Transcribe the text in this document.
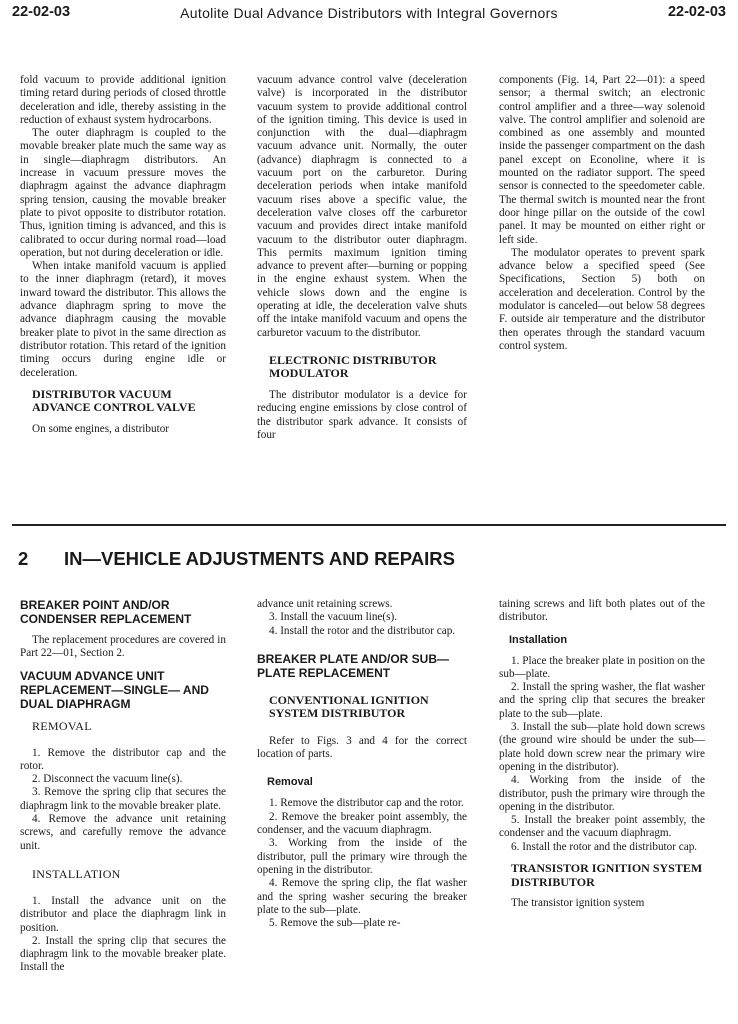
22-02-03	Autolite Dual Advance Distributors with Integral Governors	22-02-03

fold vacuum to provide additional ignition timing retard during periods of closed throttle deceleration and idle, thereby assisting in the reduction of exhaust system hydrocarbons.

The outer diaphragm is coupled to the movable breaker plate much the same way as in single—diaphragm distributors. An increase in vacuum pressure moves the diaphragm against the advance diaphragm spring tension, causing the movable breaker plate to pivot opposite to distributor rotation. Thus, ignition timing is advanced, and this is calibrated to occur during normal road—load operation, but not during deceleration or idle.

When intake manifold vacuum is applied to the inner diaphragm (retard), it moves inward toward the distributor. This allows the advance diaphragm spring to move the advance diaphragm causing the movable breaker plate to pivot in the same direction as distributor rotation. This retard of the ignition timing occurs during engine idle or deceleration.

DISTRIBUTOR VACUUM ADVANCE CONTROL VALVE

On some engines, a distributor

vacuum advance control valve (deceleration valve) is incorporated in the distributor vacuum system to provide additional control of the ignition timing. This device is used in conjunction with the dual—diaphragm vacuum advance unit. Normally, the outer (advance) diaphragm is connected to a vacuum port on the carburetor. During deceleration periods when intake manifold vacuum rises above a specific value, the deceleration valve closes off the carburetor vacuum and provides direct intake manifold vacuum to the distributor outer diaphragm. This permits maximum ignition timing advance to prevent after—burning or popping in the engine exhaust system. When the vehicle slows down and the engine is operating at idle, the deceleration valve shuts off the intake manifold vacuum and opens the carburetor vacuum to the distributor.

ELECTRONIC DISTRIBUTOR MODULATOR

The distributor modulator is a device for reducing engine emissions by close control of the distributor spark advance. It consists of four

components (Fig. 14, Part 22—01): a speed sensor; a thermal switch; an electronic control amplifier and a three—way solenoid valve. The control amplifier and solenoid are combined as one assembly and mounted inside the passenger compartment on the dash panel except on Econoline, where it is mounted on the radiator support. The speed sensor is connected to the speedometer cable. The thermal switch is mounted near the front door hinge pillar on the outside of the cowl panel. It may be mounted on either right or left side.

The modulator operates to prevent spark advance below a specified speed (See Specifications, Section 5) both on acceleration and deceleration. Control by the modulator is canceled—out below 58 degrees F. outside air temperature and the distributor then operates through the standard vacuum control system.

2 IN—VEHICLE ADJUSTMENTS AND REPAIRS
BREAKER POINT AND/OR CONDENSER REPLACEMENT

The replacement procedures are covered in Part 22—01, Section 2.

VACUUM ADVANCE UNIT REPLACEMENT—SINGLE— AND DUAL DIAPHRAGM
REMOVAL

1. Remove the distributor cap and the rotor.

2. Disconnect the vacuum line(s).

3. Remove the spring clip that secures the diaphragm link to the movable breaker plate.

4. Remove the advance unit retaining screws, and carefully remove the advance unit.

INSTALLATION

1. Install the advance unit on the distributor and place the diaphragm link in position.

2. Install the spring clip that secures the diaphragm link to the movable breaker plate. Install the

advance unit retaining screws.

3. Install the vacuum line(s).

4. Install the rotor and the distributor cap.

BREAKER PLATE AND/OR SUB—PLATE REPLACEMENT
CONVENTIONAL IGNITION SYSTEM DISTRIBUTOR

Refer to Figs. 3 and 4 for the correct location of parts.

Removal

1. Remove the distributor cap and the rotor.

2. Remove the breaker point assembly, the condenser, and the vacuum diaphragm.

3. Working from the inside of the distributor, pull the primary wire through the opening in the distributor.

4. Remove the spring clip, the flat washer and the spring washer securing the breaker plate to the sub—plate.

5. Remove the sub—plate re-

taining screws and lift both plates out of the distributor.

Installation

1. Place the breaker plate in position on the sub—plate.

2. Install the spring washer, the flat washer and the spring clip that secures the breaker plate to the sub—plate.

3. Install the sub—plate hold down screws (the ground wire should be under the sub—plate hold down screw near the primary wire opening in the distributor).

4. Working from the inside of the distributor, push the primary wire through the opening in the distributor.

5. Install the breaker point assembly, the condenser and the vacuum diaphragm.

6. Install the rotor and the distributor cap.

TRANSISTOR IGNITION SYSTEM DISTRIBUTOR

The transistor ignition system
